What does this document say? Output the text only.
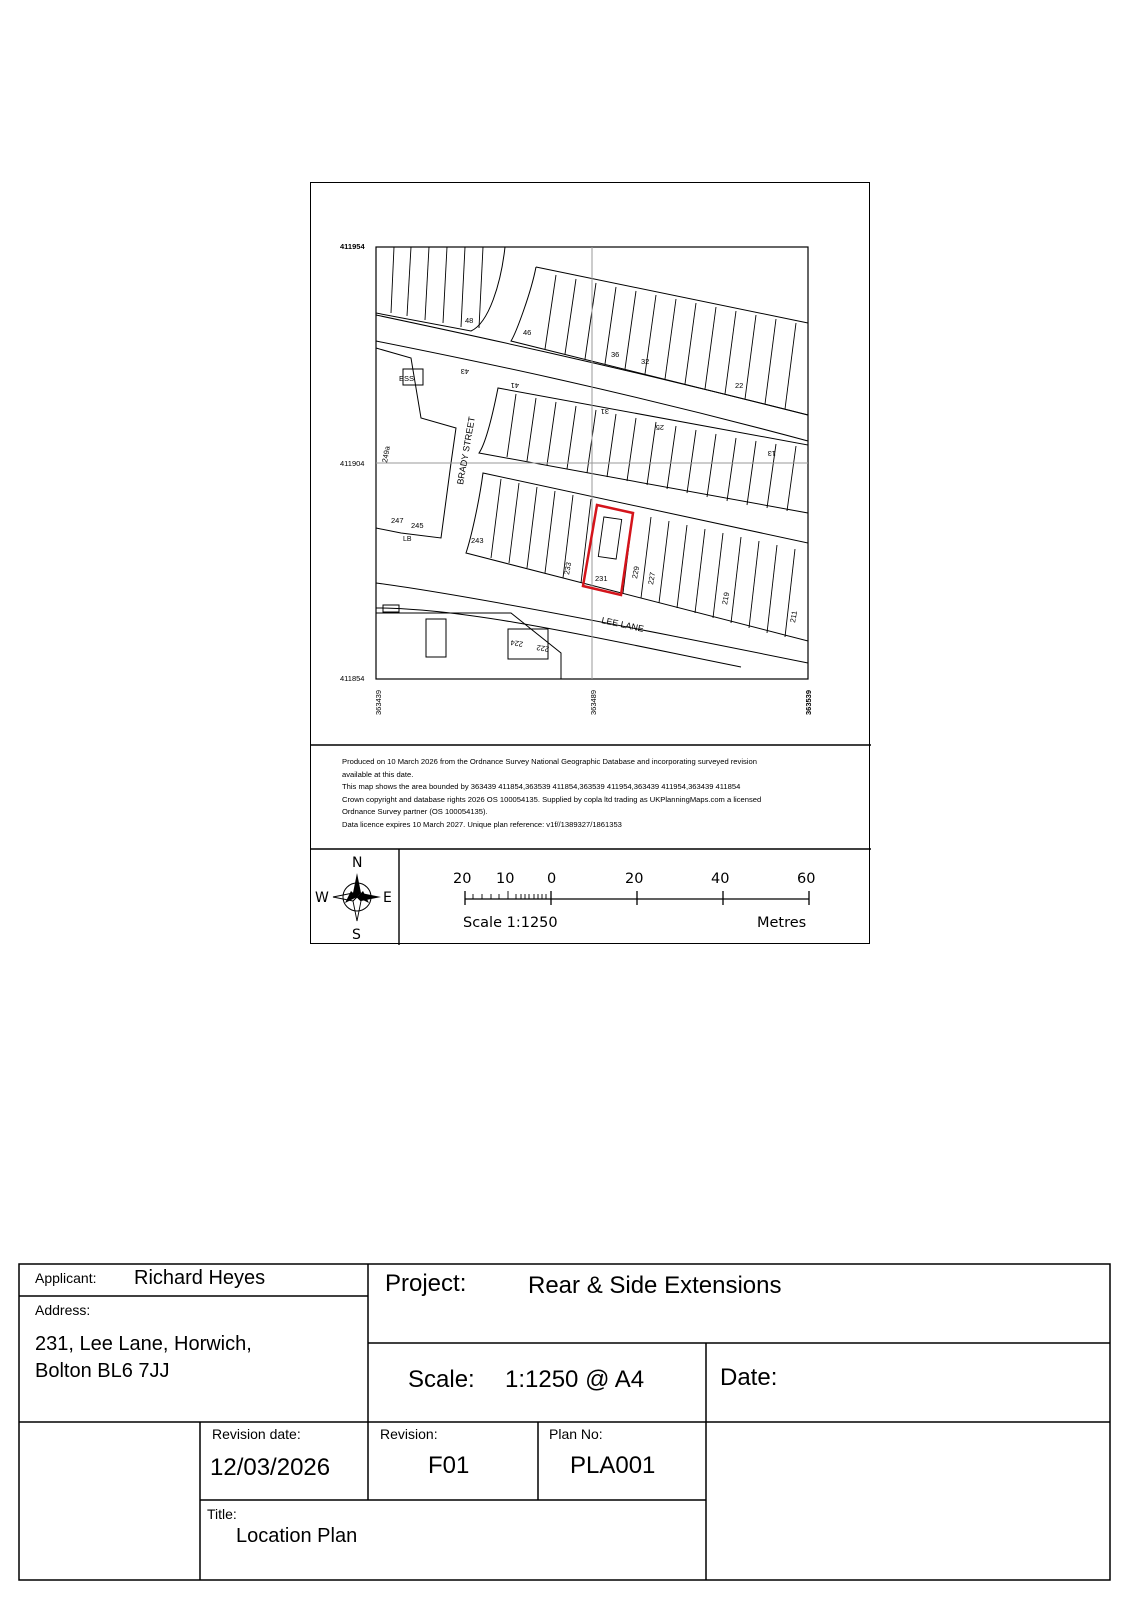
BRADY STREET
LEE LANE
48
46
36
32
22
43
41
31
25
13
249a
247
245
243
233
231	229 227
219
211
224 222
ESS
LB
411954
411904
411854
363439	363489	363539
N
E
S
W
20 10 0	20	40	60
Scale 1:1250	Metres
Produced on 10 March 2026 from the Ordnance Survey National Geographic Database and incorporating surveyed revision
available at this date.
This map shows the area bounded by 363439 411854,363539 411854,363539 411954,363439 411954,363439 411854
Crown copyright and database rights 2026 OS 100054135. Supplied by copla ltd trading as UKPlanningMaps.com a licensed
Ordnance Survey partner (OS 100054135).
Data licence expires 10 March 2027. Unique plan reference: v1f//1389327/1861353
Applicant: Richard Heyes
Address:
231, Lee Lane, Horwich,
Bolton BL6 7JJ
Project:	Rear & Side Extensions
Scale: 1:1250 @ A4	Date:
Revision date:
12/03/2026
Revision:
F01
Plan No:
PLA001
Title:
Location Plan
